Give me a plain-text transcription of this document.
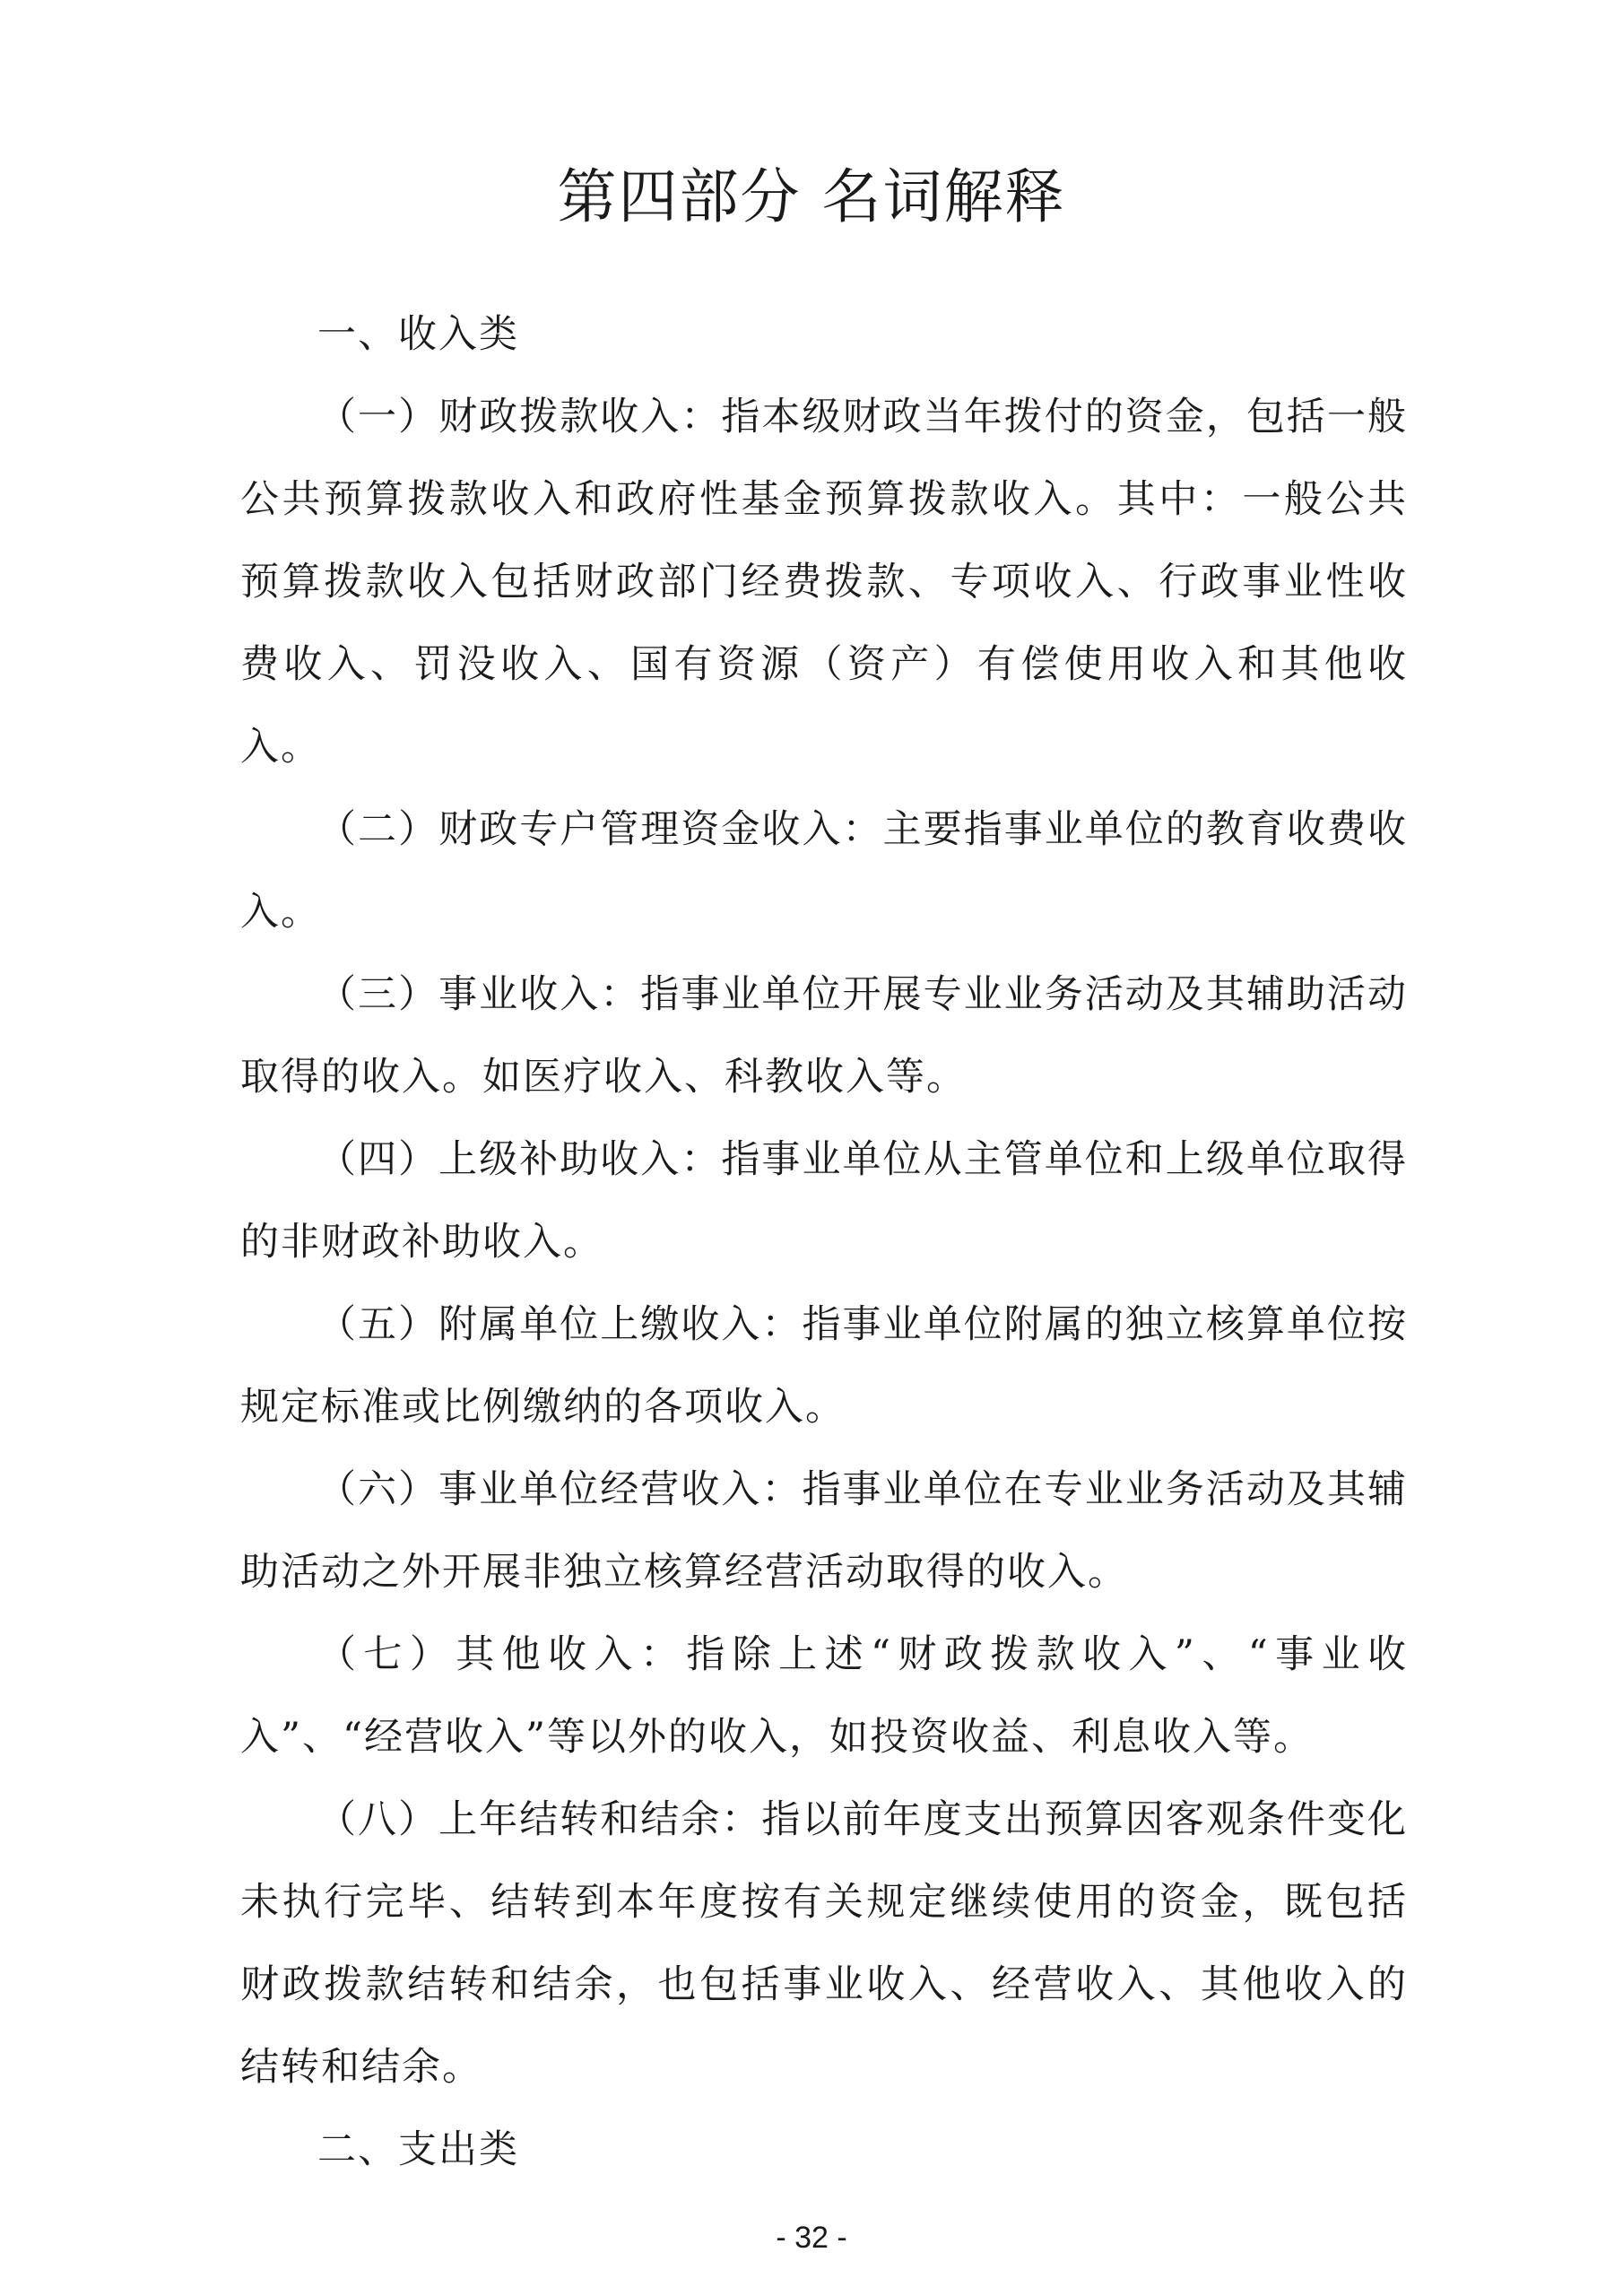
第四部分 名词解释

一、收入类

（一）财政拨款收入：指本级财政当年拨付的资金，包括一般公共预算拨款收入和政府性基金预算拨款收入。其中：一般公共预算拨款收入包括财政部门经费拨款、专项收入、行政事业性收费收入、罚没收入、国有资源（资产）有偿使用收入和其他收入。

（二）财政专户管理资金收入：主要指事业单位的教育收费收入。

（三）事业收入：指事业单位开展专业业务活动及其辅助活动取得的收入。如医疗收入、科教收入等。

（四）上级补助收入：指事业单位从主管单位和上级单位取得的非财政补助收入。

（五）附属单位上缴收入：指事业单位附属的独立核算单位按规定标准或比例缴纳的各项收入。

（六）事业单位经营收入：指事业单位在专业业务活动及其辅助活动之外开展非独立核算经营活动取得的收入。

（七）其他收入：指除上述“财政拨款收入”、“事业收入”、“经营收入”等以外的收入，如投资收益、利息收入等。

（八）上年结转和结余：指以前年度支出预算因客观条件变化未执行完毕、结转到本年度按有关规定继续使用的资金，既包括财政拨款结转和结余，也包括事业收入、经营收入、其他收入的结转和结余。

二、支出类

- 32 -
